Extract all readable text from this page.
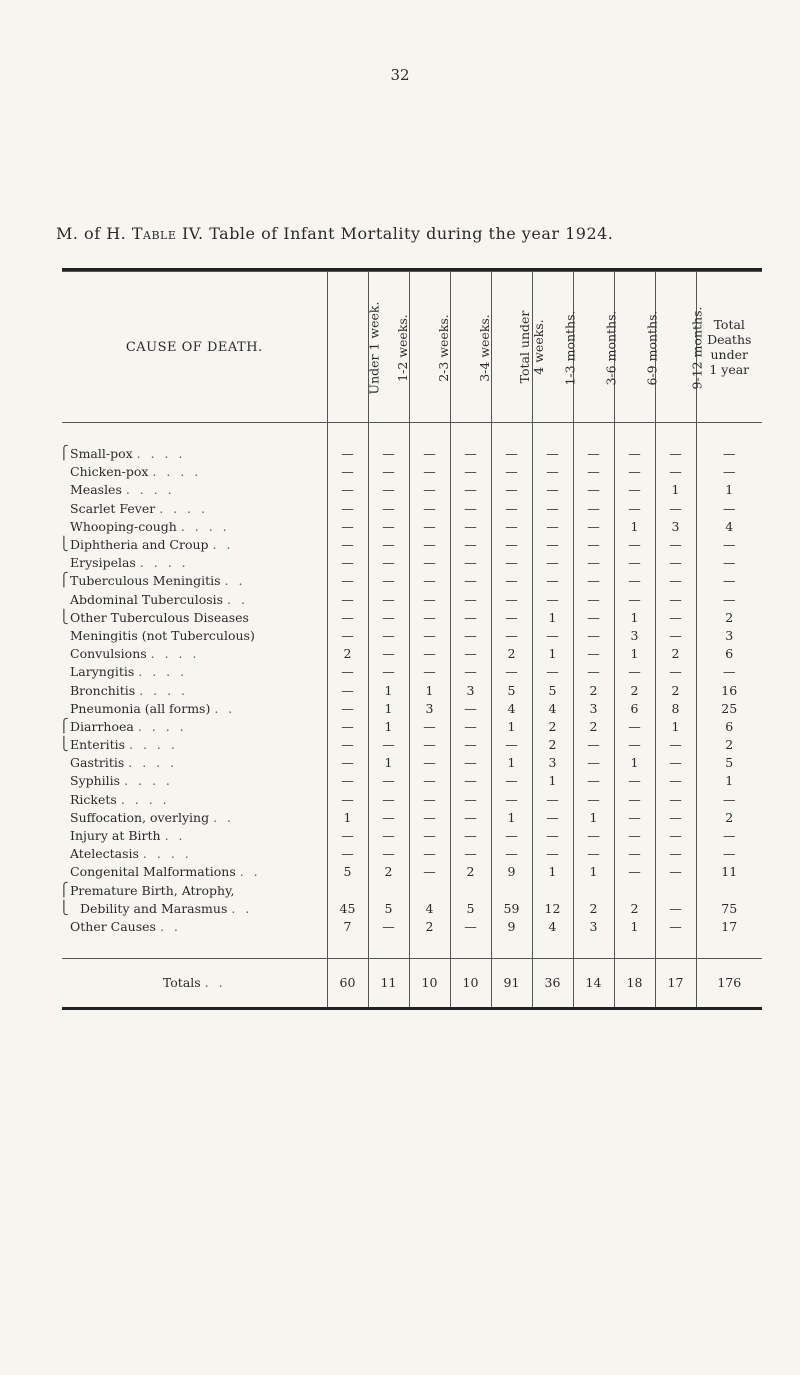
32
M. of H. Table IV. Table of Infant Mortality during the year 1924.

CAUSE OF DEATH.	Under 1 week.	1-2 weeks.	2-3 weeks.	3-4 weeks.	Total under 4 weeks.	1-3 months.	3-6 months.	6-9 months.	9-12 months.	Total
Deaths
under
1 year

⎧ Small-pox . . . .	—	—	—	—	—	—	—	—	—	—
Chicken-pox . . . .	—	—	—	—	—	—	—	—	—	—
Measles . . . .	—	—	—	—	—	—	—	—	1	1
Scarlet Fever . . . .	—	—	—	—	—	—	—	—	—	—
Whooping-cough . . . .	—	—	—	—	—	—	—	1	3	4

⎩ Diphtheria and Croup . .	—	—	—	—	—	—	—	—	—	—
Erysipelas . . . .	—	—	—	—	—	—	—	—	—	—

⎧ Tuberculous Meningitis . .	—	—	—	—	—	—	—	—	—	—
Abdominal Tuberculosis . .	—	—	—	—	—	—	—	—	—	—

⎩ Other Tuberculous Diseases	—	—	—	—	—	1	—	1	—	2
Meningitis (not Tuberculous)	—	—	—	—	—	—	—	3	—	3
Convulsions . . . .	2	—	—	—	2	1	—	1	2	6
Laryngitis . . . .	—	—	—	—	—	—	—	—	—	—
Bronchitis . . . .	—	1	1	3	5	5	2	2	2	16
Pneumonia (all forms) . .	—	1	3	—	4	4	3	6	8	25

⎧ Diarrhoea . . . .	—	1	—	—	1	2	2	—	1	6

⎩ Enteritis . . . .	—	—	—	—	—	2	—	—	—	2
Gastritis . . . .	—	1	—	—	1	3	—	1	—	5
Syphilis . . . .	—	—	—	—	—	1	—	—	—	1
Rickets . . . .	—	—	—	—	—	—	—	—	—	—
Suffocation, overlying . .	1	—	—	—	1	—	1	—	—	2
Injury at Birth . .	—	—	—	—	—	—	—	—	—	—
Atelectasis . . . .	—	—	—	—	—	—	—	—	—	—
Congenital Malformations . .	5	2	—	2	9	1	1	—	—	11

⎧ Premature Birth, Atrophy,										

⎩ Debility and Marasmus . .	45	5	4	5	59	12	2	2	—	75
Other Causes . .	7	—	2	—	9	4	3	1	—	17

Totals . .	60	11	10	10	91	36	14	18	17	176
